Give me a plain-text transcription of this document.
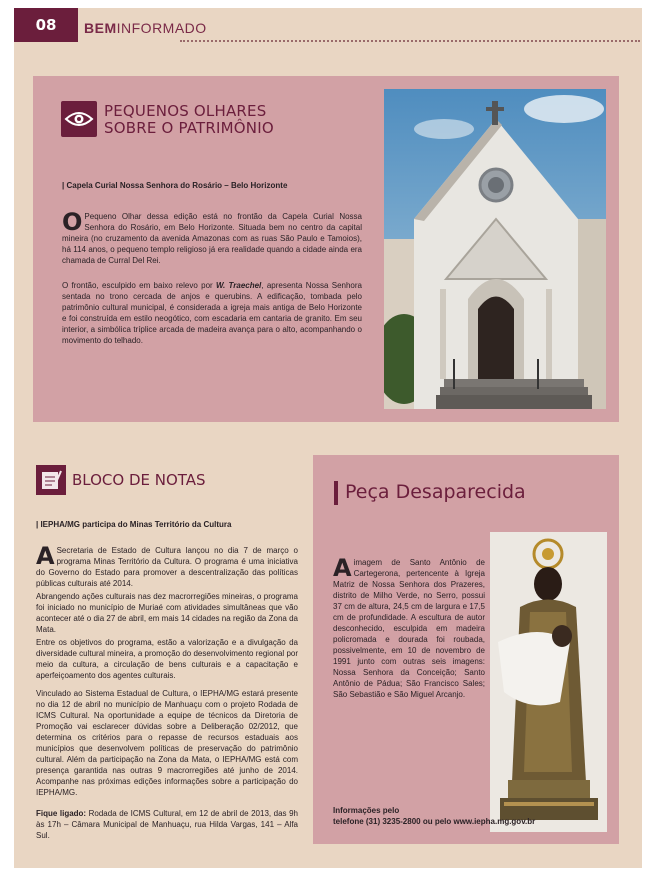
08	BEMINFORMADO
PEQUENOS OLHARES
SOBRE O PATRIMÔNIO
| Capela Curial Nossa Senhora do Rosário – Belo Horizonte
O Pequeno Olhar dessa edição está no frontão da Capela Curial Nossa Senhora do Rosário, em Belo Horizonte. Situada bem no centro da capital mineira (no cruzamento da avenida Amazonas com as ruas São Paulo e Tamoios), há 114 anos, o pequeno templo religioso já era realidade quando a cidade ainda era chamada de Curral Del Rei.
O frontão, esculpido em baixo relevo por W. Traechel, apresenta Nossa Senhora sentada no trono cercada de anjos e querubins. A edificação, tombada pelo patrimônio cultural municipal, é considerada a igreja mais antiga de Belo Horizonte e foi construída em estilo neogótico, com escadaria em cantaria de granito. Em seu interior, a simbólica tríplice arcada de madeira avança para o alto, acompanhando o movimento do telhado.
BLOCO DE NOTAS
| IEPHA/MG participa do Minas Território da Cultura
A Secretaria de Estado de Cultura lançou no dia 7 de março o programa Minas Território da Cultura. O programa é uma iniciativa do Governo do Estado para promover a descentralização das políticas públicas culturais até 2014.
Abrangendo ações culturais nas dez macrorregiões mineiras, o programa foi iniciado no município de Muriaé com atividades simultâneas que vão acontecer até o dia 27 de abril, em mais 14 cidades na região da Zona da Mata.
Entre os objetivos do programa, estão a valorização e a divulgação da diversidade cultural mineira, a promoção do desenvolvimento regional por meio da cultura, a circulação de bens culturais e a capacitação e aperfeiçoamento dos agentes culturais.
Vinculado ao Sistema Estadual de Cultura, o IEPHA/MG estará presente no dia 12 de abril no município de Manhuaçu com o projeto Rodada de ICMS Cultural. Na oportunidade a equipe de técnicos da Diretoria de Promoção vai esclarecer dúvidas sobre a Deliberação 02/2012, que determina os critérios para o repasse de recursos estaduais aos municípios que desenvolvem políticas de preservação do patrimônio cultural. Além da participação na Zona da Mata, o IEPHA/MG está com presença garantida nas outras 9 macrorregiões até junho de 2014. Acompanhe nas próximas edições informações sobre a participação do IEPHA/MG.
Fique ligado: Rodada de ICMS Cultural, em 12 de abril de 2013, das 9h às 17h – Câmara Municipal de Manhuaçu, rua Hilda Vargas, 141 – Alfa Sul.
Peça Desaparecida
Aimagem de Santo Antônio de Cartegerona, pertencente à Igreja Matriz de Nossa Senhora dos Prazeres, distrito de Milho Verde, no Serro, possui 37 cm de altura, 24,5 cm de largura e 17,5 cm de profundidade. A escultura de autor desconhecido, esculpida em madeira policromada e dourada foi roubada, possivelmente, em 10 de novembro de 1991 junto com outras seis imagens: Nossa Senhora da Conceição; Santo Antônio de Pádua; São Francisco Sales; São Sebastião e São Miguel Arcanjo.
Informações pelo
telefone (31) 3235-2800 ou pelo www.iepha.mg.gov.br
